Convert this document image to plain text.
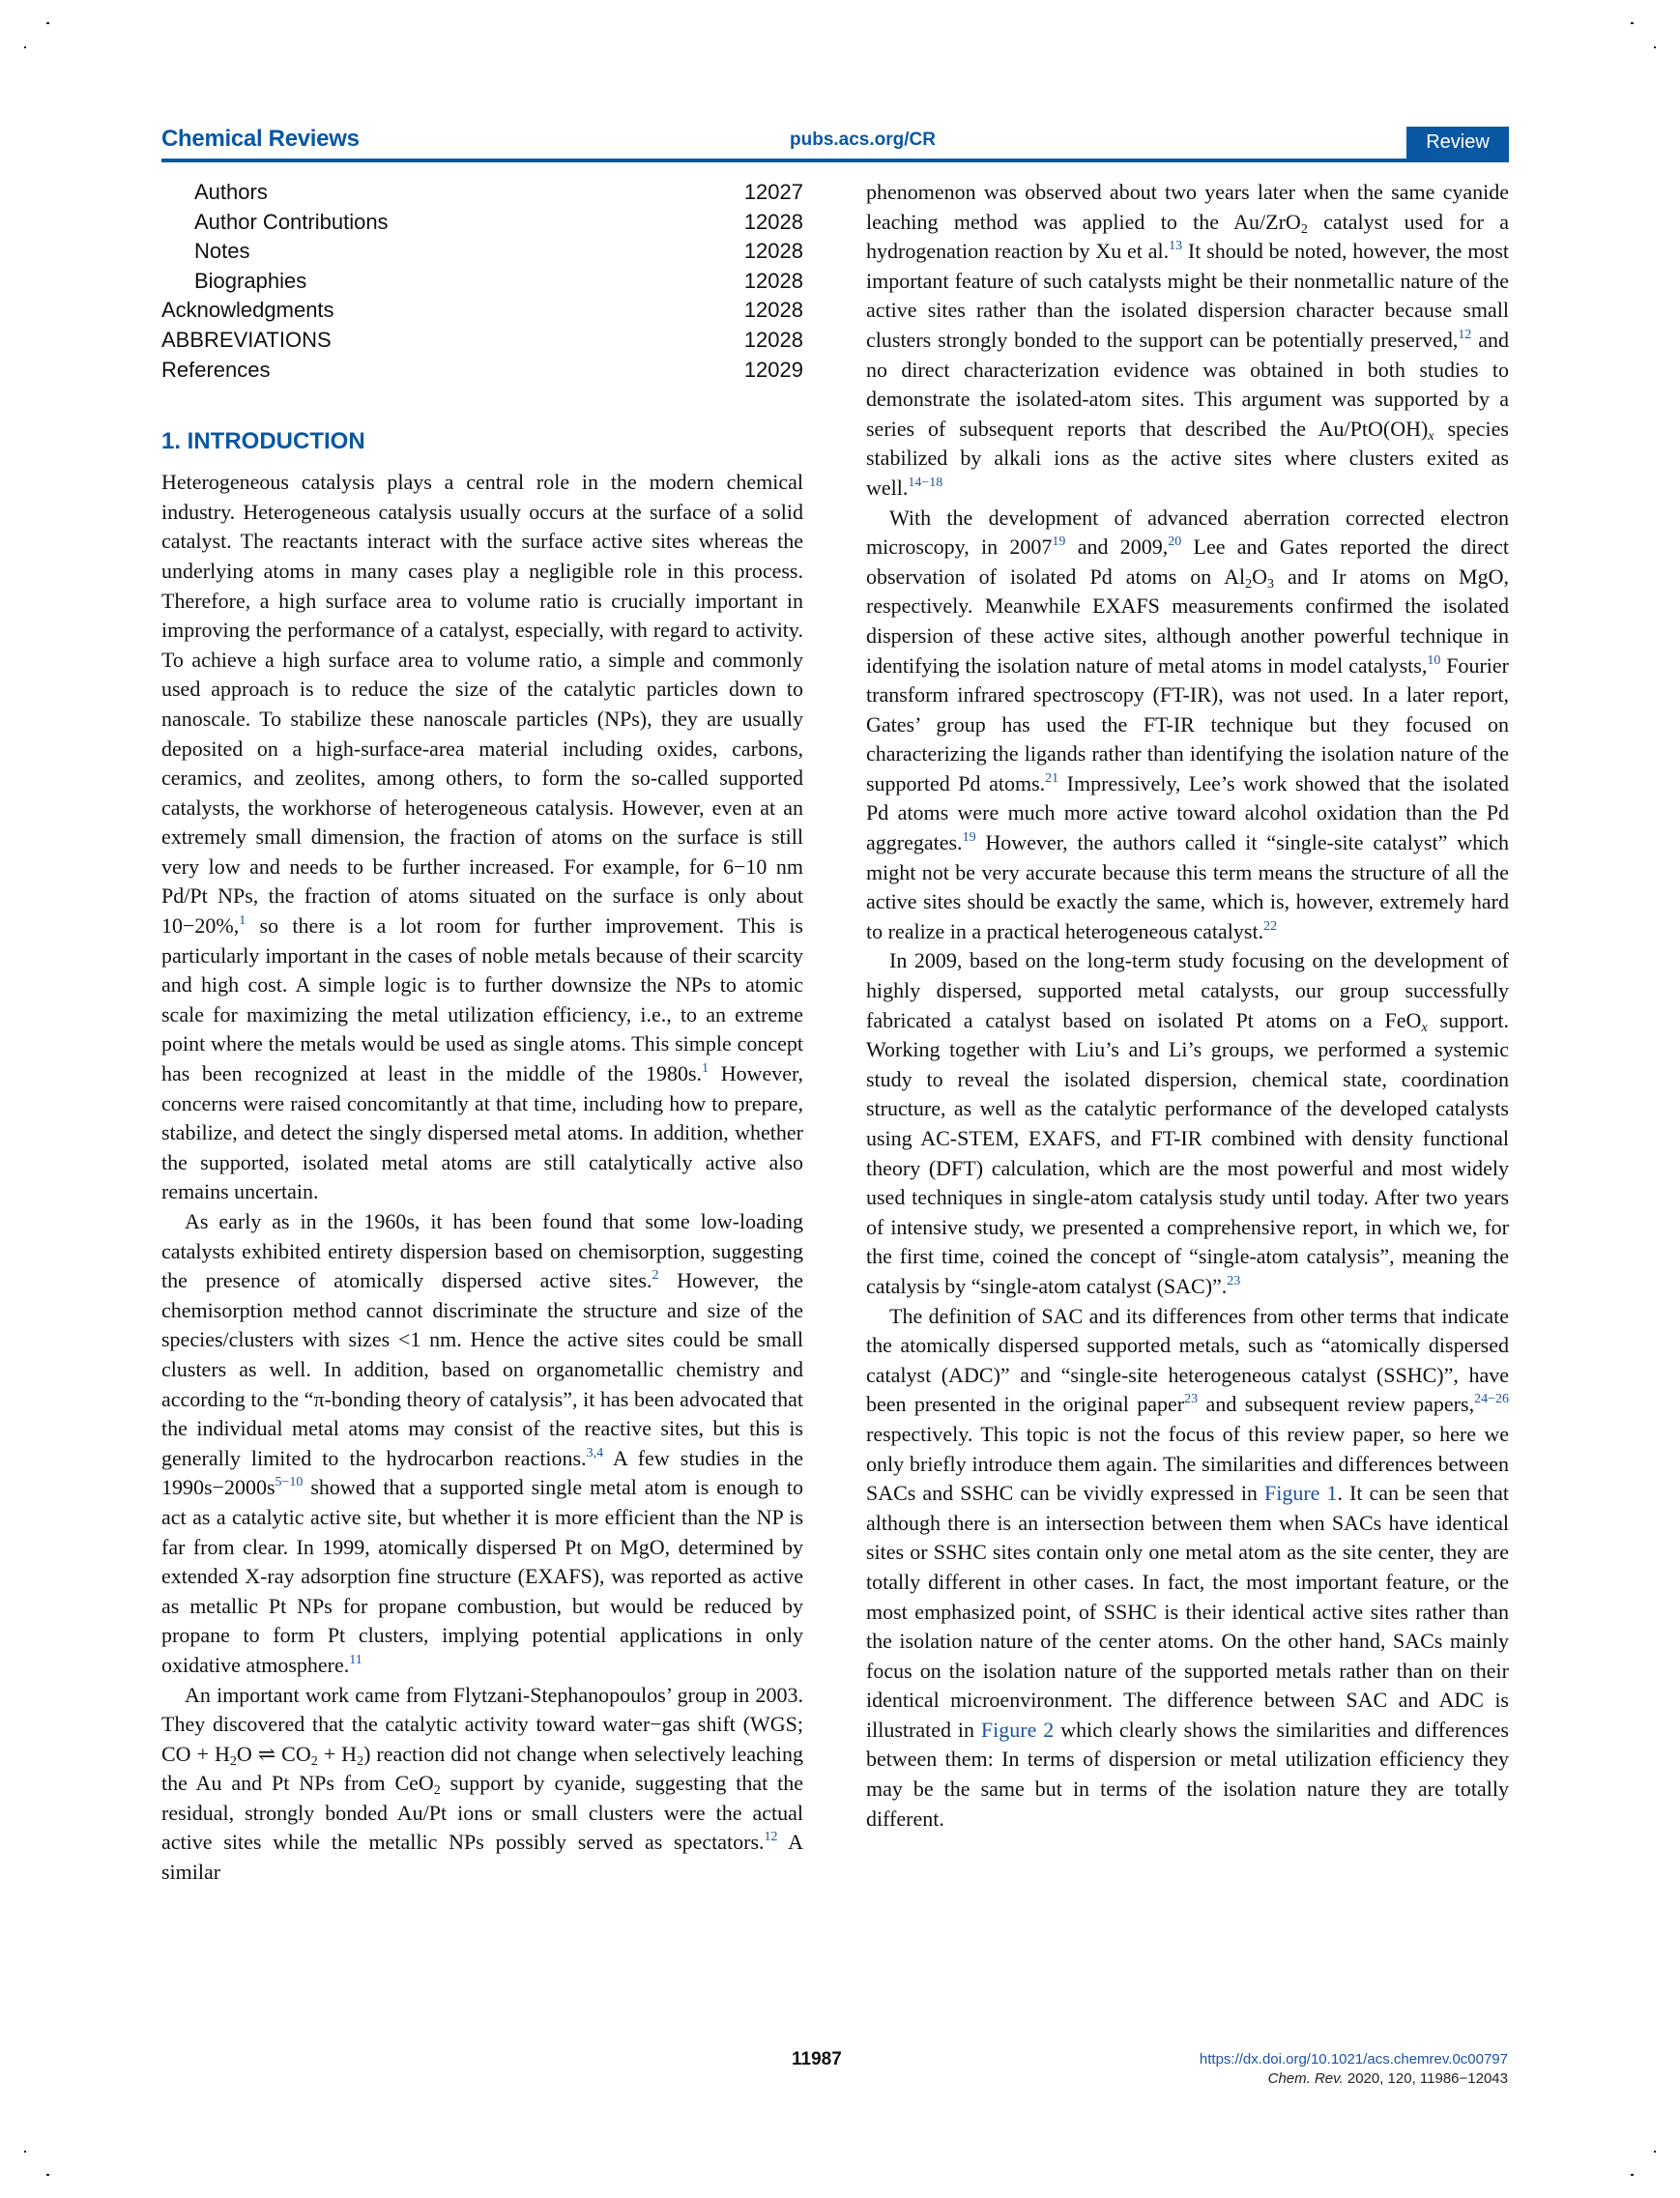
Chemical Reviews	pubs.acs.org/CR	Review
Authors	12027
Author Contributions	12028
Notes	12028
Biographies	12028
Acknowledgments	12028
ABBREVIATIONS	12028
References	12029
1. INTRODUCTION

Heterogeneous catalysis plays a central role in the modern chemical industry. Heterogeneous catalysis usually occurs at the surface of a solid catalyst. The reactants interact with the surface active sites whereas the underlying atoms in many cases play a negligible role in this process. Therefore, a high surface area to volume ratio is crucially important in improving the performance of a catalyst, especially, with regard to activity. To achieve a high surface area to volume ratio, a simple and commonly used approach is to reduce the size of the catalytic particles down to nanoscale. To stabilize these nanoscale particles (NPs), they are usually deposited on a high-surface-area material including oxides, carbons, ceramics, and zeolites, among others, to form the so-called supported catalysts, the workhorse of heterogeneous catalysis. However, even at an extremely small dimension, the fraction of atoms on the surface is still very low and needs to be further increased. For example, for 6−10 nm Pd/Pt NPs, the fraction of atoms situated on the surface is only about 10−20%,$^1$ so there is a lot room for further improvement. This is particularly important in the cases of noble metals because of their scarcity and high cost. A simple logic is to further downsize the NPs to atomic scale for maximizing the metal utilization efficiency, i.e., to an extreme point where the metals would be used as single atoms. This simple concept has been recognized at least in the middle of the 1980s.$^1$ However, concerns were raised concomitantly at that time, including how to prepare, stabilize, and detect the singly dispersed metal atoms. In addition, whether the supported, isolated metal atoms are still catalytically active also remains uncertain.

As early as in the 1960s, it has been found that some low-loading catalysts exhibited entirety dispersion based on chemisorption, suggesting the presence of atomically dispersed active sites.$^2$ However, the chemisorption method cannot discriminate the structure and size of the species/clusters with sizes <1 nm. Hence the active sites could be small clusters as well. In addition, based on organometallic chemistry and according to the “π-bonding theory of catalysis”, it has been advocated that the individual metal atoms may consist of the reactive sites, but this is generally limited to the hydrocarbon reactions.$^{3,4}$ A few studies in the 1990s−2000s$^{5-10}$ showed that a supported single metal atom is enough to act as a catalytic active site, but whether it is more efficient than the NP is far from clear. In 1999, atomically dispersed Pt on MgO, determined by extended X-ray adsorption fine structure (EXAFS), was reported as active as metallic Pt NPs for propane combustion, but would be reduced by propane to form Pt clusters, implying potential applications in only oxidative atmosphere.$^{11}$

An important work came from Flytzani-Stephanopoulos’ group in 2003. They discovered that the catalytic activity toward water−gas shift (WGS; CO + $H_2O$ ⇌ $CO_2 + H_2$) reaction did not change when selectively leaching the Au and Pt NPs from CeO$_2$ support by cyanide, suggesting that the residual, strongly bonded Au/Pt ions or small clusters were the actual active sites while the metallic NPs possibly served as spectators.$^{12}$ A similar

phenomenon was observed about two years later when the same cyanide leaching method was applied to the Au/ZrO$_2$ catalyst used for a hydrogenation reaction by Xu et al.$^{13}$ It should be noted, however, the most important feature of such catalysts might be their nonmetallic nature of the active sites rather than the isolated dispersion character because small clusters strongly bonded to the support can be potentially preserved,$^{12}$ and no direct characterization evidence was obtained in both studies to demonstrate the isolated-atom sites. This argument was supported by a series of subsequent reports that described the $Au/PtO(OH)_x$ species stabilized by alkali ions as the active sites where clusters exited as well.$^{14-18}$

With the development of advanced aberration corrected electron microscopy, in 2007$^{19}$ and 2009,20 Lee and Gates reported the direct observation of isolated Pd atoms on $Al_2O_3$ and Ir atoms on MgO, respectively. Meanwhile EXAFS measurements confirmed the isolated dispersion of these active sites, although another powerful technique in identifying the isolation nature of metal atoms in model catalysts,$^{10}$ Fourier transform infrared spectroscopy (FT-IR), was not used. In a later report, Gates’ group has used the FT-IR technique but they focused on characterizing the ligands rather than identifying the isolation nature of the supported Pd atoms.$^{21}$ Impressively, Lee’s work showed that the isolated Pd atoms were much more active toward alcohol oxidation than the Pd aggregates.$^{19}$ However, the authors called it “single-site catalyst” which might not be very accurate because this term means the structure of all the active sites should be exactly the same, which is, however, extremely hard to realize in a practical heterogeneous catalyst.$^{22}$

In 2009, based on the long-term study focusing on the development of highly dispersed, supported metal catalysts, our group successfully fabricated a catalyst based on isolated Pt atoms on a FeO$_x$ support. Working together with Liu’s and Li’s groups, we performed a systemic study to reveal the isolated dispersion, chemical state, coordination structure, as well as the catalytic performance of the developed catalysts using AC-STEM, EXAFS, and FT-IR combined with density functional theory (DFT) calculation, which are the most powerful and most widely used techniques in single-atom catalysis study until today. After two years of intensive study, we presented a comprehensive report, in which we, for the first time, coined the concept of “single-atom catalysis”, meaning the catalysis by “single-atom catalyst (SAC)”.$^{23}$

The definition of SAC and its differences from other terms that indicate the atomically dispersed supported metals, such as “atomically dispersed catalyst (ADC)” and “single-site heterogeneous catalyst (SSHC)”, have been presented in the original paper$^{23}$ and subsequent review papers,$^{24-26}$ respectively. This topic is not the focus of this review paper, so here we only briefly introduce them again. The similarities and differences between SACs and SSHC can be vividly expressed in Figure 1. It can be seen that although there is an intersection between them when SACs have identical sites or SSHC sites contain only one metal atom as the site center, they are totally different in other cases. In fact, the most important feature, or the most emphasized point, of SSHC is their identical active sites rather than the isolation nature of the center atoms. On the other hand, SACs mainly focus on the isolation nature of the supported metals rather than on their identical microenvironment. The difference between SAC and ADC is illustrated in Figure 2 which clearly shows the similarities and differences between them: In terms of dispersion or metal utilization efficiency they may be the same but in terms of the isolation nature they are totally different.

11987	https://dx.doi.org/10.1021/acs.chemrev.0c00797
Chem. Rev. 2020, 120, 11986−12043
